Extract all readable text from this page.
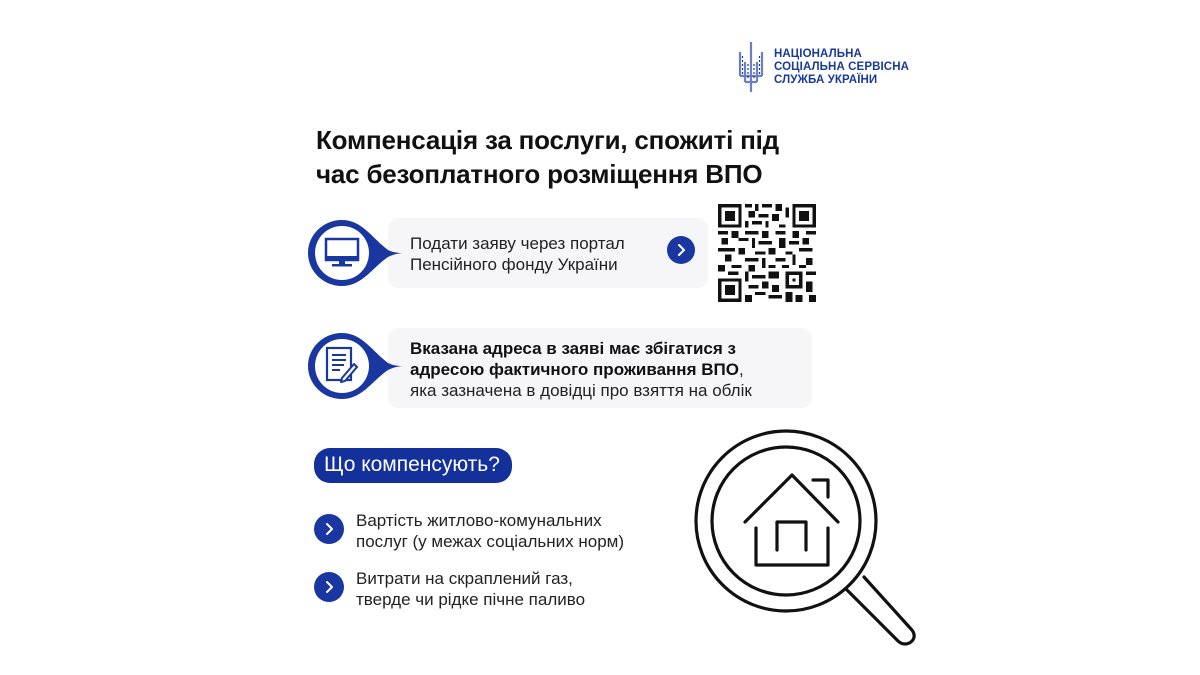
НАЦІОНАЛЬНА
СОЦІАЛЬНА СЕРВІСНА
СЛУЖБА УКРАЇНИ
Компенсація за послуги, спожиті під
час безоплатного розміщення ВПО
Подати заяву через портал
Пенсійного фонду України
Вказана адреса в заяві має збігатися з
адресою фактичного проживання ВПО,
яка зазначена в довідці про взяття на облік
Що компенсують?
Вартість житлово-комунальних
послуг (у межах соціальних норм)
Витрати на скраплений газ,
тверде чи рідке пічне паливо
